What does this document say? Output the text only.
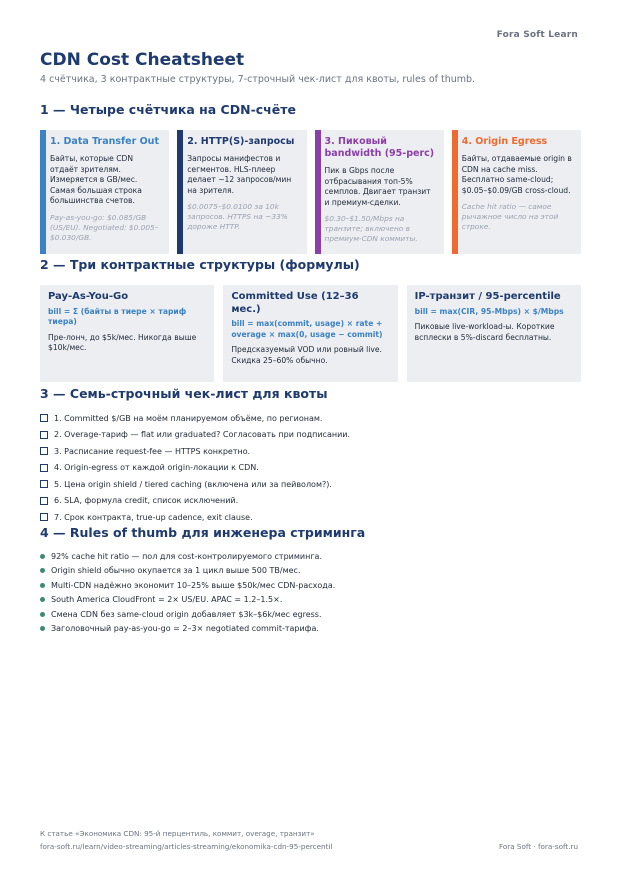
Fora Soft Learn
CDN Cost Cheatsheet
4 счётчика, 3 контрактные структуры, 7-строчный чек-лист для квоты, rules of thumb.
1 — Четыре счётчика на CDN-счёте
1. Data Transfer Out
Байты, которые CDN отдаёт зрителям. Измеряется в GB/мес. Самая большая строка большинства счетов.
Pay-as-you-go: $0.085/GB (US/EU). Negotiated: $0.005–$0.030/GB.
2. HTTP(S)-запросы
Запросы манифестов и сегментов. HLS-плеер делает ~12 запросов/мин на зрителя.
$0.0075–$0.0100 за 10k запросов. HTTPS на ~33% дороже HTTP.
3. Пиковый bandwidth (95-perc)
Пик в Gbps после отбрасывания топ-5% семплов. Двигает транзит и премиум-сделки.
$0.30–$1.50/Mbps на транзите; включено в премиум-CDN коммиты.
4. Origin Egress
Байты, отдаваемые origin в CDN на cache miss. Бесплатно same-cloud; $0.05–$0.09/GB cross-cloud.
Cache hit ratio — самое рычажное число на этой строке.
2 — Три контрактные структуры (формулы)
Pay-As-You-Go
bill = Σ (байты в тиере × тариф тиера)
Пре-лонч, до $5k/мес. Никогда выше $10k/мес.
Committed Use (12–36 мес.)
bill = max(commit, usage) × rate + overage × max(0, usage − commit)
Предсказуемый VOD или ровный live. Скидка 25–60% обычно.
IP-транзит / 95-percentile
bill = max(CIR, 95-Mbps) × $/Mbps
Пиковые live-workload-ы. Короткие всплески в 5%-discard бесплатны.
3 — Семь-строчный чек-лист для квоты
1. Committed $/GB на моём планируемом объёме, по регионам.
2. Overage-тариф — flat или graduated? Согласовать при подписании.
3. Расписание request-fee — HTTPS конкретно.
4. Origin-egress от каждой origin-локации к CDN.
5. Цена origin shield / tiered caching (включена или за пейволом?).
6. SLA, формула credit, список исключений.
7. Срок контракта, true-up cadence, exit clause.
4 — Rules of thumb для инженера стриминга
92% cache hit ratio — пол для cost-контролируемого стриминга.
Origin shield обычно окупается за 1 цикл выше 500 TB/мес.
Multi-CDN надёжно экономит 10–25% выше $50k/мес CDN-расхода.
South America CloudFront = 2× US/EU. APAC = 1.2–1.5×.
Смена CDN без same-cloud origin добавляет $3k–$6k/мес egress.
Заголовочный pay-as-you-go = 2–3× negotiated commit-тарифа.
К статье «Экономика CDN: 95-й перцентиль, коммит, overage, транзит»
fora-soft.ru/learn/video-streaming/articles-streaming/ekonomika-cdn-95-percentil	Fora Soft · fora-soft.ru
